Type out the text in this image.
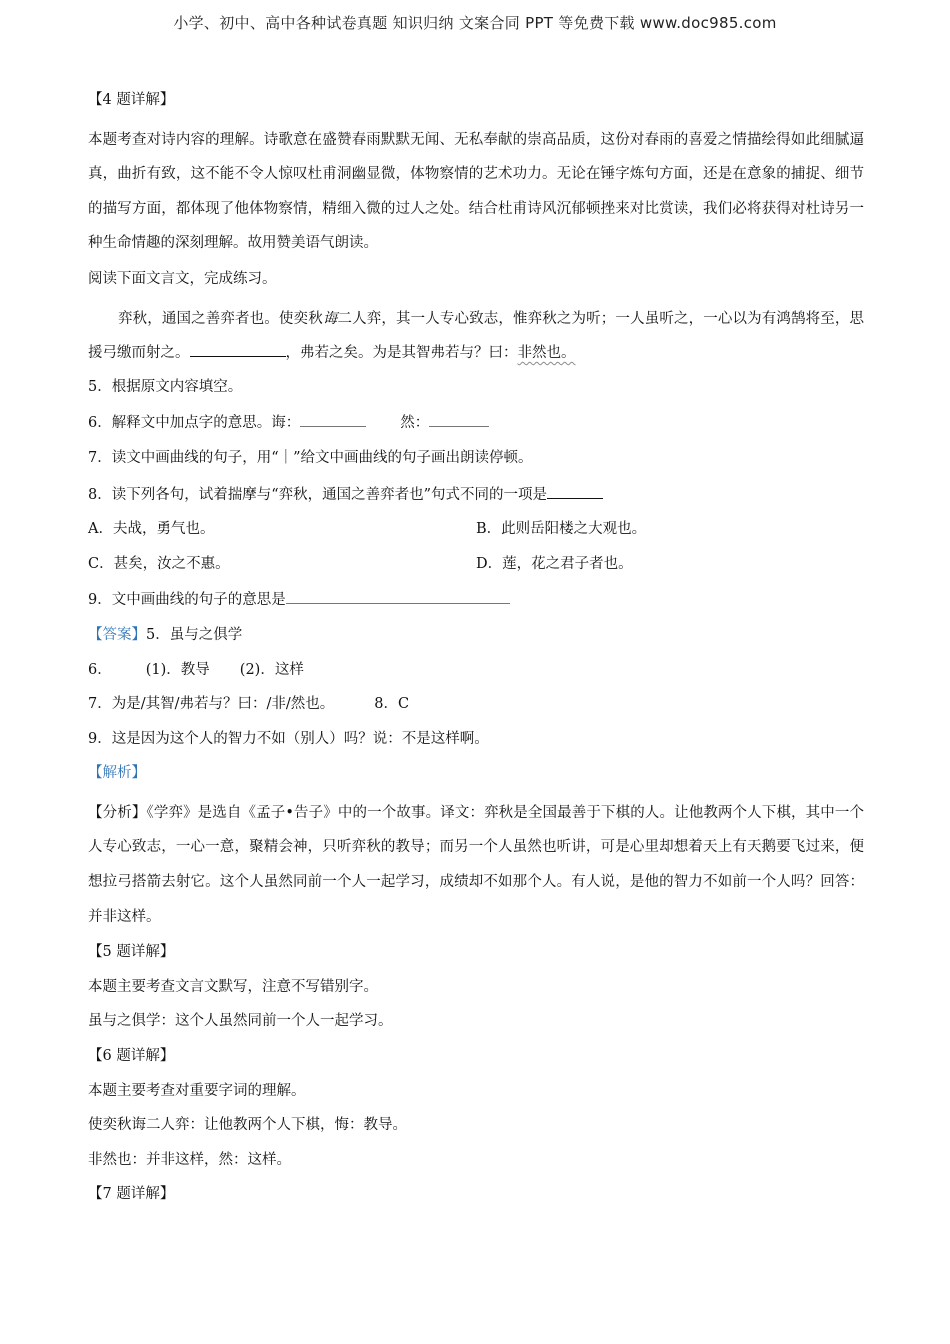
小学、初中、高中各种试卷真题 知识归纳 文案合同 PPT 等免费下载 www.doc985.com
【4 题详解】
本题考查对诗内容的理解。诗歌意在盛赞春雨默默无闻、无私奉献的崇高品质，这份对春雨的喜爱之情描绘得如此细腻逼真，曲折有致，这不能不令人惊叹杜甫洞幽显微，体物察情的艺术功力。无论在锤字炼句方面，还是在意象的捕捉、细节的描写方面，都体现了他体物察情，精细入微的过人之处。结合杜甫诗风沉郁顿挫来对比赏读，我们必将获得对杜诗另一种生命情趣的深刻理解。故用赞美语气朗读。
阅读下面文言文，完成练习。
弈秋，通国之善弈者也。使奕秋诲二人弈，其一人专心致志，惟弈秋之为听；一人虽听之，一心以为有鸿鹄将至，思援弓缴而射之。	，弗若之矣。为是其智弗若与？曰：非然也。
5．根据原文内容填空。
6．解释文中加点字的意思。诲：	然：
7．读文中画曲线的句子，用“｜”给文中画曲线的句子画出朗读停顿。
8．读下列各句，试着揣摩与“弈秋，通国之善弈者也”句式不同的一项是
A．夫战，勇气也。	B．此则岳阳楼之大观也。
C．甚矣，汝之不惠。	D．莲，花之君子者也。
9．文中画曲线的句子的意思是
【答案】5．虽与之俱学
6． (1)．教导 (2)．这样
7．为是/其智/弗若与？曰：/非/然也。	8．C
9．这是因为这个人的智力不如（别人）吗？说：不是这样啊。
【解析】
【分析】《学弈》是选自《孟子•告子》中的一个故事。译文：弈秋是全国最善于下棋的人。让他教两个人下棋，其中一个人专心致志，一心一意，聚精会神，只听弈秋的教导；而另一个人虽然也听讲，可是心里却想着天上有天鹅要飞过来，便想拉弓搭箭去射它。这个人虽然同前一个人一起学习，成绩却不如那个人。有人说，是他的智力不如前一个人吗？回答：并非这样。
【5 题详解】
本题主要考查文言文默写，注意不写错别字。
虽与之俱学：这个人虽然同前一个人一起学习。
【6 题详解】
本题主要考查对重要字词的理解。
使奕秋诲二人弈：让他教两个人下棋，悔：教导。
非然也：并非这样，然：这样。
【7 题详解】
